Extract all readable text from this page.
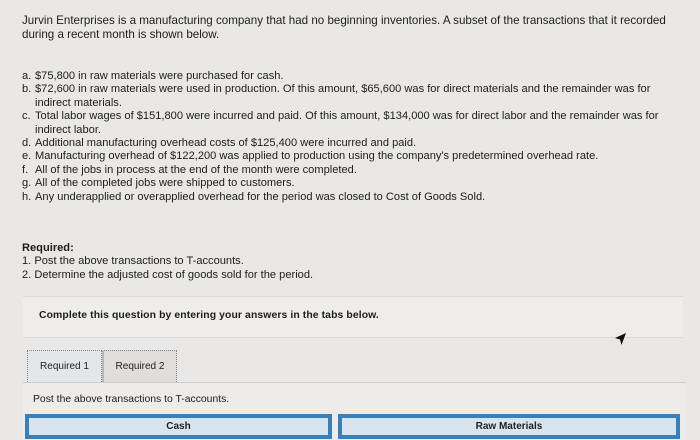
Jurvin Enterprises is a manufacturing company that had no beginning inventories. A subset of the transactions that it recorded during a recent month is shown below.
a. $75,800 in raw materials were purchased for cash.
b. $72,600 in raw materials were used in production. Of this amount, $65,600 was for direct materials and the remainder was for indirect materials.
c. Total labor wages of $151,800 were incurred and paid. Of this amount, $134,000 was for direct labor and the remainder was for indirect labor.
d. Additional manufacturing overhead costs of $125,400 were incurred and paid.
e. Manufacturing overhead of $122,200 was applied to production using the company's predetermined overhead rate.
f. All of the jobs in process at the end of the month were completed.
g. All of the completed jobs were shipped to customers.
h. Any underapplied or overapplied overhead for the period was closed to Cost of Goods Sold.
Required:
1. Post the above transactions to T-accounts.
2. Determine the adjusted cost of goods sold for the period.
Complete this question by entering your answers in the tabs below.
Required 1	Required 2
Post the above transactions to T-accounts.
Cash	Raw Materials
